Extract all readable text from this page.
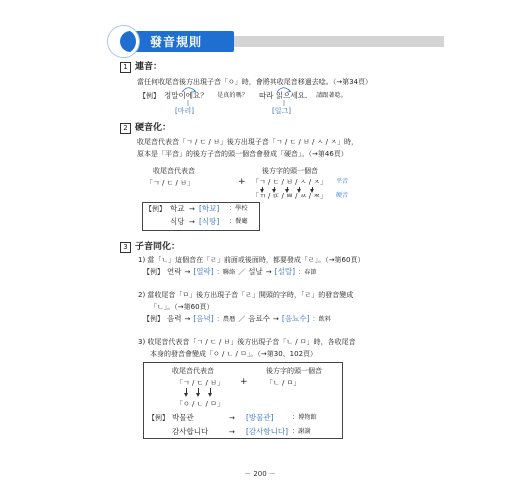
發音規則
1 連音：
當任何收尾音後方出現子音「ㅇ」時，會將其收尾音移過去唸。（→第34頁）
【例】 정말이에요？ 是真的嗎？ 따라 읽으세요. 請跟著唸。
[마리]	[일그]
2 硬音化：
收尾音代表音「ㄱ / ㄷ / ㅂ」後方出現子音「ㄱ / ㄷ / ㅂ / ㅅ / ㅈ」時，
原本是「平音」的後方子音的頭一個音會發成「硬音」。（→第46頁）
收尾音代表音	後方字的頭一個音
「ㄱ / ㄷ / ㅂ」	+ 「ㄱ / ㄷ / ㅂ / ㅅ / ㅈ」 平音
「ㄲ / ㄸ / ㅃ / ㅆ / ㅉ」 硬音
【例】 학교 → [학꾜] ：學校
식당 → [식땅] ：餐廳
3 子音同化：
1) 當「ㄴ」這個音在「ㄹ」前面或後面時，都要發成「ㄹ」。（→第60頁）
【例】 연락 → [열락] ：聯絡 ／ 설날 → [설랄] ：春節
2) 當收尾音「ㅁ」後方出現子音「ㄹ」開頭的字時，「ㄹ」的發音變成
「ㄴ」。（→第60頁）
【例】 음력 → [음녁] ：農曆 ／ 음료수 → [음뇨수] ：飲料
3) 收尾音代表音「ㄱ / ㄷ / ㅂ」後方出現子音「ㄴ / ㅁ」時，各收尾音
本身的發音會變成「ㅇ / ㄴ / ㅁ」。（→第30、102頁）
收尾音代表音	後方字的頭一個音
「ㄱ / ㄷ / ㅂ」 +	「ㄴ / ㅁ」
「ㅇ / ㄴ / ㅁ」
【例】 박물관	→ [방물관]	：博物館
감사합니다	→ [감사함니다] ：謝謝
－ 200 －
